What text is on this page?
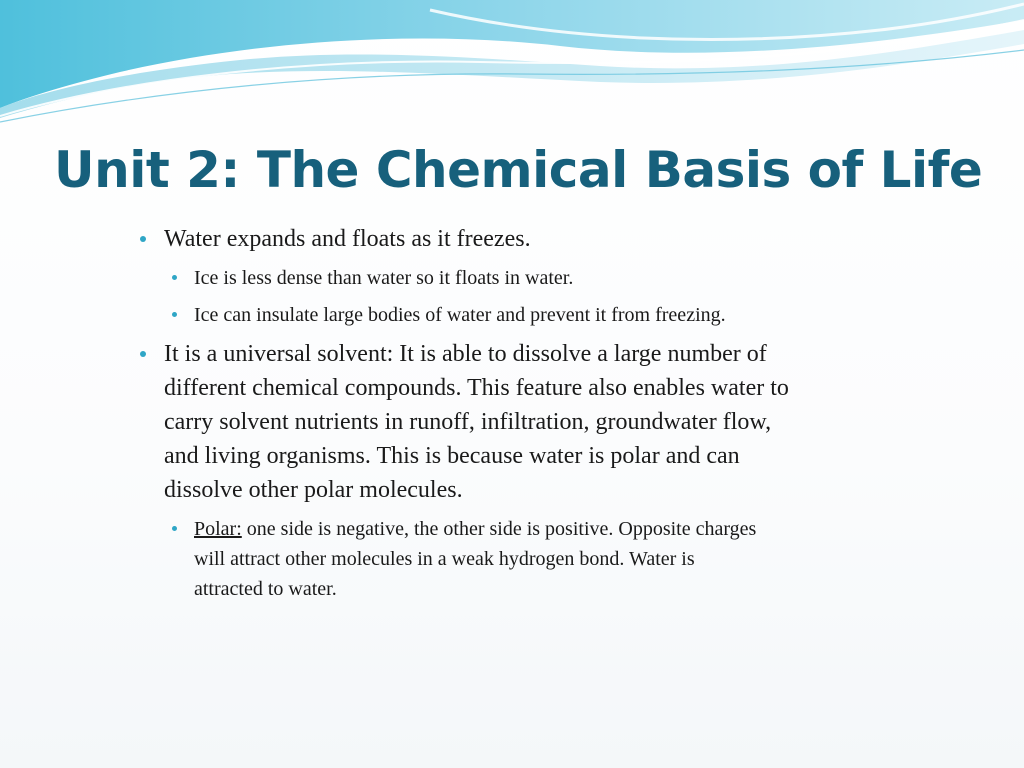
Unit 2: The Chemical Basis of Life
Water expands and floats as it freezes.
Ice is less dense than water so it floats in water.
Ice can insulate large bodies of water and prevent it from freezing.
It is a universal solvent: It is able to dissolve a large number of
different chemical compounds. This feature also enables water to
carry solvent nutrients in runoff, infiltration, groundwater flow,
and living organisms. This is because water is polar and can
dissolve other polar molecules.
Polar: one side is negative, the other side is positive. Opposite charges
will attract other molecules in a weak hydrogen bond. Water is
attracted to water.
